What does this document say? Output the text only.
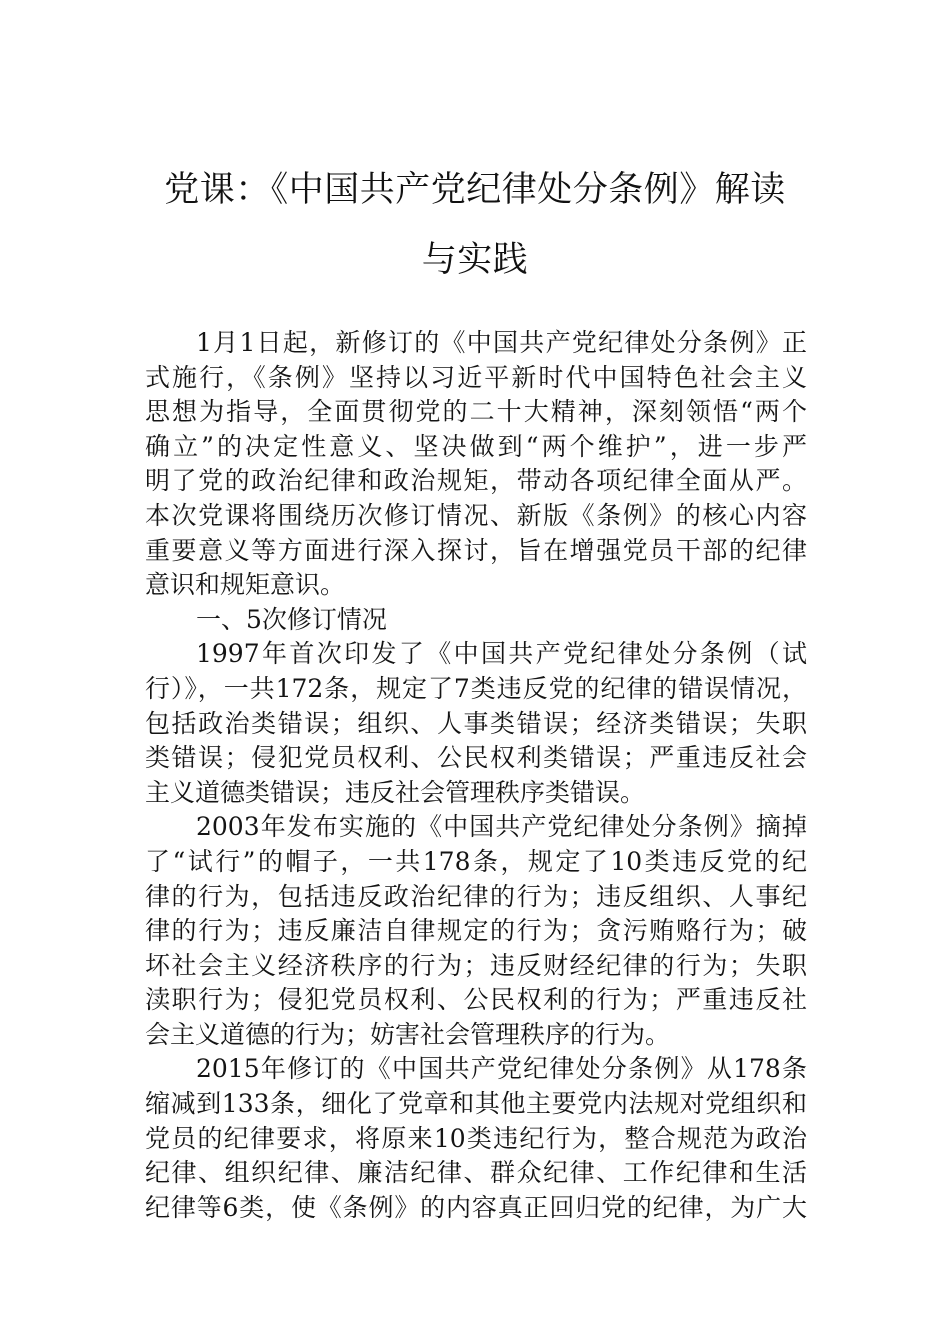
党课：《中国共产党纪律处分条例》解读
与实践
1月1日起，新修订的《中国共产党纪律处分条例》正
式施行，《条例》坚持以习近平新时代中国特色社会主义
思想为指导，全面贯彻党的二十大精神，深刻领悟“两个
确立”的决定性意义、坚决做到“两个维护”，进一步严
明了党的政治纪律和政治规矩，带动各项纪律全面从严。
本次党课将围绕历次修订情况、新版《条例》的核心内容
重要意义等方面进行深入探讨，旨在增强党员干部的纪律
意识和规矩意识。
一、5次修订情况
1997年首次印发了《中国共产党纪律处分条例（试
行）》，一共172条，规定了7类违反党的纪律的错误情况，
包括政治类错误；组织、人事类错误；经济类错误；失职
类错误；侵犯党员权利、公民权利类错误；严重违反社会
主义道德类错误；违反社会管理秩序类错误。
2003年发布实施的《中国共产党纪律处分条例》摘掉
了“试行”的帽子，一共178条，规定了10类违反党的纪
律的行为，包括违反政治纪律的行为；违反组织、人事纪
律的行为；违反廉洁自律规定的行为；贪污贿赂行为；破
坏社会主义经济秩序的行为；违反财经纪律的行为；失职
渎职行为；侵犯党员权利、公民权利的行为；严重违反社
会主义道德的行为；妨害社会管理秩序的行为。
2015年修订的《中国共产党纪律处分条例》从178条
缩减到133条，细化了党章和其他主要党内法规对党组织和
党员的纪律要求，将原来10类违纪行为，整合规范为政治
纪律、组织纪律、廉洁纪律、群众纪律、工作纪律和生活
纪律等6类，使《条例》的内容真正回归党的纪律，为广大
